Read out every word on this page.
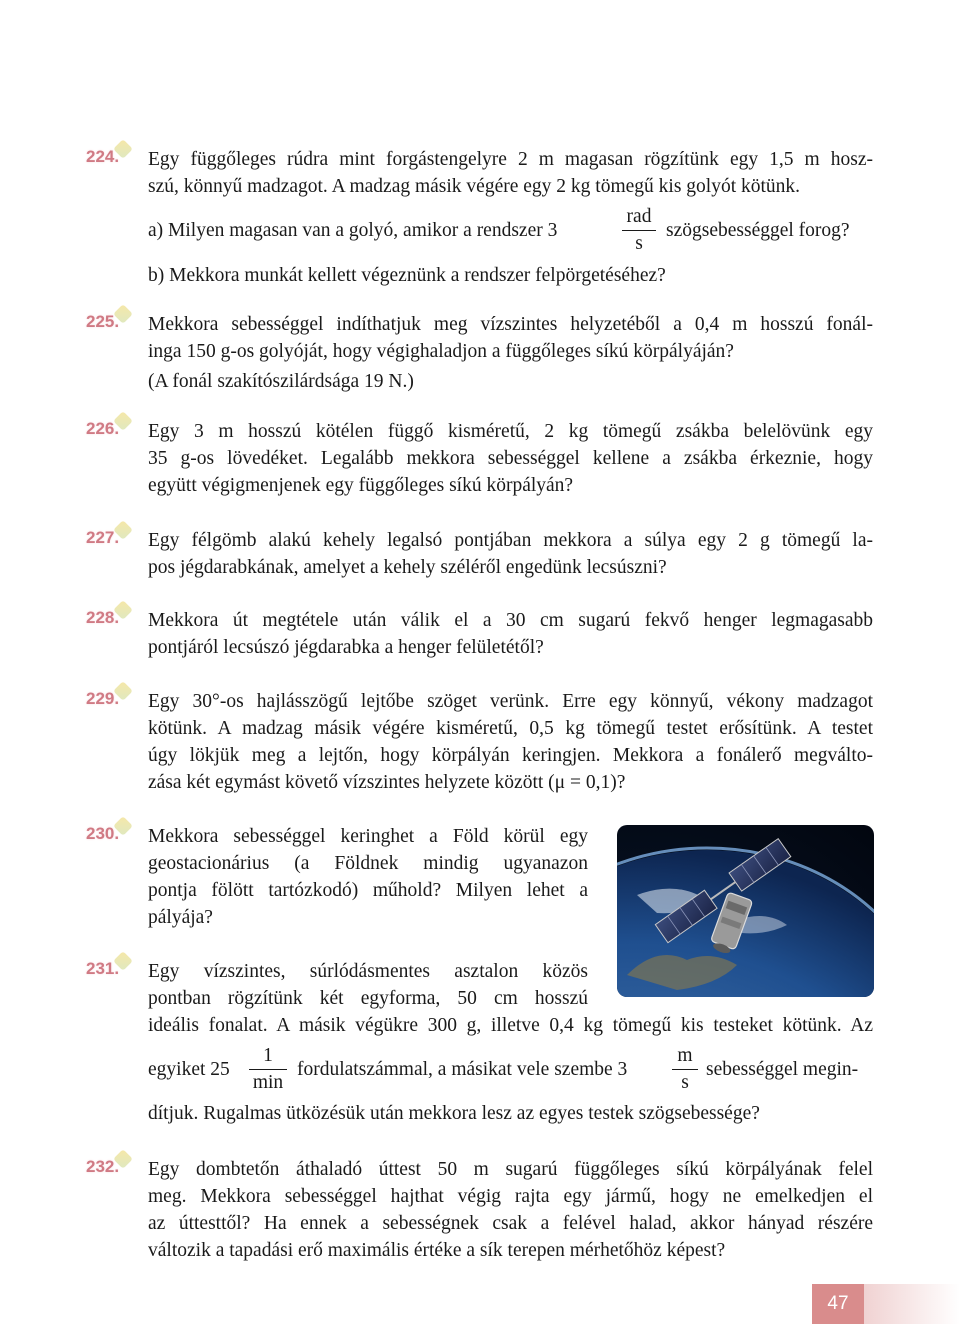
224. Egy függőleges rúdra mint forgástengelyre 2 m magasan rögzítünk egy 1,5 m hosz-
szú, könnyű madzagot. A madzag másik végére egy 2 kg tömegű kis golyót kötünk.
a) Milyen magasan van a golyó, amikor a rendszer 3
rad
s
szögsebességgel forog?
b) Mekkora munkát kellett végeznünk a rendszer felpörgetéséhez?
225. Mekkora sebességgel indíthatjuk meg vízszintes helyzetéből a 0,4 m hosszú fonál-
inga 150 g-os golyóját, hogy végighaladjon a függőleges síkú körpályáján?
(A fonál szakítószilárdsága 19 N.)
226. Egy 3 m hosszú kötélen függő kisméretű, 2 kg tömegű zsákba belelövünk egy
35 g-os lövedéket. Legalább mekkora sebességgel kellene a zsákba érkeznie, hogy
együtt végigmenjenek egy függőleges síkú körpályán?
227. Egy félgömb alakú kehely legalsó pontjában mekkora a súlya egy 2 g tömegű la-
pos jégdarabkának, amelyet a kehely széléről engedünk lecsúszni?
228. Mekkora út megtétele után válik el a 30 cm sugarú fekvő henger legmagasabb
pontjáról lecsúszó jégdarabka a henger felületétől?
229. Egy 30°-os hajlásszögű lejtőbe szöget verünk. Erre egy könnyű, vékony madzagot
kötünk. A madzag másik végére kisméretű, 0,5 kg tömegű testet erősítünk. A testet
úgy lökjük meg a lejtőn, hogy körpályán keringjen. Mekkora a fonálerő megválto-
zása két egymást követő vízszintes helyzete között (μ = 0,1)?
230. Mekkora sebességgel keringhet a Föld körül egy
geostacionárius (a Földnek mindig ugyanazon
pontja fölött tartózkodó) műhold? Milyen lehet a
pályája?
231. Egy vízszintes, súrlódásmentes asztalon közös
pontban rögzítünk két egyforma, 50 cm hosszú
ideális fonalat. A másik végükre 300 g, illetve 0,4 kg tömegű kis testeket kötünk. Az
egyiket 25
1
min
fordulatszámmal, a másikat vele szembe 3
m
s
sebességgel megin-
dítjuk. Rugalmas ütközésük után mekkora lesz az egyes testek szögsebessége?
232. Egy dombtetőn áthaladó úttest 50 m sugarú függőleges síkú körpályának felel
meg. Mekkora sebességgel hajthat végig rajta egy jármű, hogy ne emelkedjen el
az úttesttől? Ha ennek a sebességnek csak a felével halad, akkor hányad részére
változik a tapadási erő maximális értéke a sík terepen mérhetőhöz képest?
47
